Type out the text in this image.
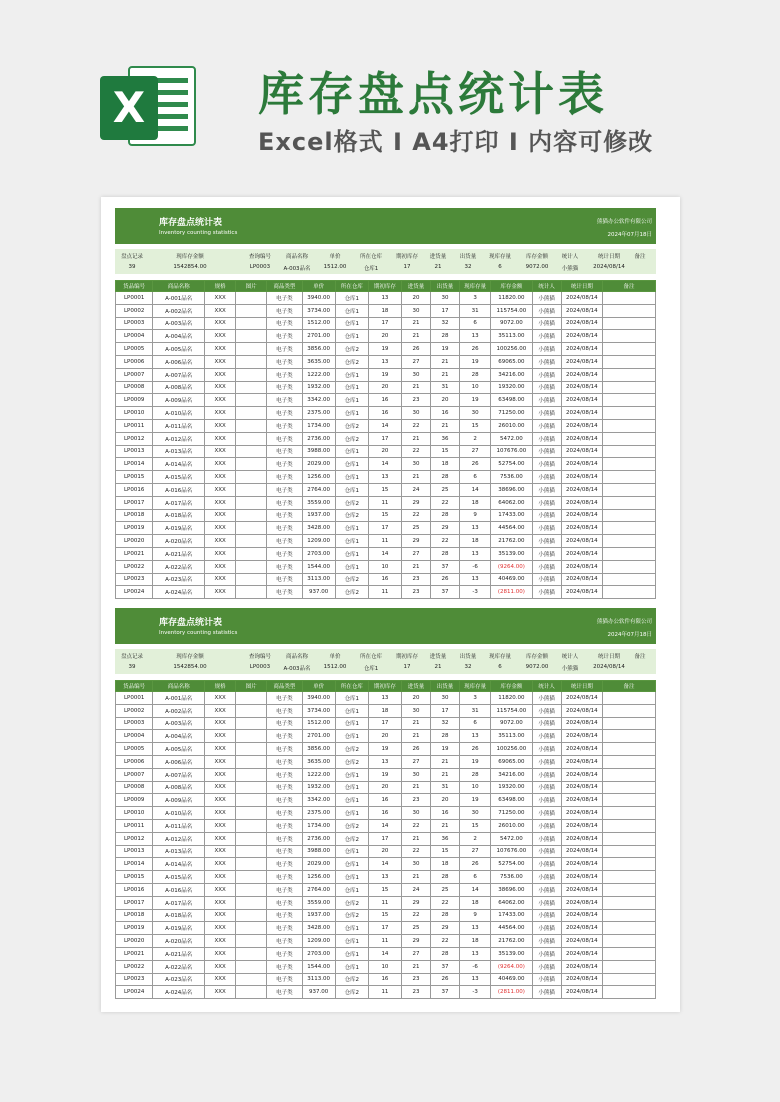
X 库存盘点统计表
Excel格式 I A4打印 I 内容可修改
库存盘点统计表
Inventory counting statistics
熊猫办公软件有限公司
2024年07月18日
盘点记录
39
现库存金额
1542854.00
查询编号
LP0003
商品名称
A-003品名
单价
1512.00
所在仓库
仓库1
期初库存
17
进货量
21
出货量
32
现库存量
6
库存金额
9072.00
统计人
小熊猫
统计日期
2024/08/14
备注
货品编号	商品名称	规格	图片	商品类型	单价	所在仓库	期初库存	进货量	出货量	现库存量	库存金额	统计人	统计日期	备注
LP0001	A-001品名	XXX		电子类	3940.00	仓库1	13	20	30	3	11820.00	小熊猫	2024/08/14	
LP0002	A-002品名	XXX		电子类	3734.00	仓库1	18	30	17	31	115754.00	小熊猫	2024/08/14	
LP0003	A-003品名	XXX		电子类	1512.00	仓库1	17	21	32	6	9072.00	小熊猫	2024/08/14	
LP0004	A-004品名	XXX		电子类	2701.00	仓库1	20	21	28	13	35113.00	小熊猫	2024/08/14	
LP0005	A-005品名	XXX		电子类	3856.00	仓库2	19	26	19	26	100256.00	小熊猫	2024/08/14	
LP0006	A-006品名	XXX		电子类	3635.00	仓库2	13	27	21	19	69065.00	小熊猫	2024/08/14	
LP0007	A-007品名	XXX		电子类	1222.00	仓库1	19	30	21	28	34216.00	小熊猫	2024/08/14	
LP0008	A-008品名	XXX		电子类	1932.00	仓库1	20	21	31	10	19320.00	小熊猫	2024/08/14	
LP0009	A-009品名	XXX		电子类	3342.00	仓库1	16	23	20	19	63498.00	小熊猫	2024/08/14	
LP0010	A-010品名	XXX		电子类	2375.00	仓库1	16	30	16	30	71250.00	小熊猫	2024/08/14	
LP0011	A-011品名	XXX		电子类	1734.00	仓库2	14	22	21	15	26010.00	小熊猫	2024/08/14	
LP0012	A-012品名	XXX		电子类	2736.00	仓库2	17	21	36	2	5472.00	小熊猫	2024/08/14	
LP0013	A-013品名	XXX		电子类	3988.00	仓库1	20	22	15	27	107676.00	小熊猫	2024/08/14	
LP0014	A-014品名	XXX		电子类	2029.00	仓库1	14	30	18	26	52754.00	小熊猫	2024/08/14	
LP0015	A-015品名	XXX		电子类	1256.00	仓库1	13	21	28	6	7536.00	小熊猫	2024/08/14	
LP0016	A-016品名	XXX		电子类	2764.00	仓库1	15	24	25	14	38696.00	小熊猫	2024/08/14	
LP0017	A-017品名	XXX		电子类	3559.00	仓库2	11	29	22	18	64062.00	小熊猫	2024/08/14	
LP0018	A-018品名	XXX		电子类	1937.00	仓库2	15	22	28	9	17433.00	小熊猫	2024/08/14	
LP0019	A-019品名	XXX		电子类	3428.00	仓库1	17	25	29	13	44564.00	小熊猫	2024/08/14	
LP0020	A-020品名	XXX		电子类	1209.00	仓库1	11	29	22	18	21762.00	小熊猫	2024/08/14	
LP0021	A-021品名	XXX		电子类	2703.00	仓库1	14	27	28	13	35139.00	小熊猫	2024/08/14	
LP0022	A-022品名	XXX		电子类	1544.00	仓库1	10	21	37	-6	(9264.00)	小熊猫	2024/08/14	
LP0023	A-023品名	XXX		电子类	3113.00	仓库2	16	23	26	13	40469.00	小熊猫	2024/08/14	
LP0024	A-024品名	XXX		电子类	937.00	仓库2	11	23	37	-3	(2811.00)	小熊猫	2024/08/14	
库存盘点统计表
Inventory counting statistics
熊猫办公软件有限公司
2024年07月18日
盘点记录
39
现库存金额
1542854.00
查询编号
LP0003
商品名称
A-003品名
单价
1512.00
所在仓库
仓库1
期初库存
17
进货量
21
出货量
32
现库存量
6
库存金额
9072.00
统计人
小熊猫
统计日期
2024/08/14
备注
货品编号	商品名称	规格	图片	商品类型	单价	所在仓库	期初库存	进货量	出货量	现库存量	库存金额	统计人	统计日期	备注
LP0001	A-001品名	XXX		电子类	3940.00	仓库1	13	20	30	3	11820.00	小熊猫	2024/08/14	
LP0002	A-002品名	XXX		电子类	3734.00	仓库1	18	30	17	31	115754.00	小熊猫	2024/08/14	
LP0003	A-003品名	XXX		电子类	1512.00	仓库1	17	21	32	6	9072.00	小熊猫	2024/08/14	
LP0004	A-004品名	XXX		电子类	2701.00	仓库1	20	21	28	13	35113.00	小熊猫	2024/08/14	
LP0005	A-005品名	XXX		电子类	3856.00	仓库2	19	26	19	26	100256.00	小熊猫	2024/08/14	
LP0006	A-006品名	XXX		电子类	3635.00	仓库2	13	27	21	19	69065.00	小熊猫	2024/08/14	
LP0007	A-007品名	XXX		电子类	1222.00	仓库1	19	30	21	28	34216.00	小熊猫	2024/08/14	
LP0008	A-008品名	XXX		电子类	1932.00	仓库1	20	21	31	10	19320.00	小熊猫	2024/08/14	
LP0009	A-009品名	XXX		电子类	3342.00	仓库1	16	23	20	19	63498.00	小熊猫	2024/08/14	
LP0010	A-010品名	XXX		电子类	2375.00	仓库1	16	30	16	30	71250.00	小熊猫	2024/08/14	
LP0011	A-011品名	XXX		电子类	1734.00	仓库2	14	22	21	15	26010.00	小熊猫	2024/08/14	
LP0012	A-012品名	XXX		电子类	2736.00	仓库2	17	21	36	2	5472.00	小熊猫	2024/08/14	
LP0013	A-013品名	XXX		电子类	3988.00	仓库1	20	22	15	27	107676.00	小熊猫	2024/08/14	
LP0014	A-014品名	XXX		电子类	2029.00	仓库1	14	30	18	26	52754.00	小熊猫	2024/08/14	
LP0015	A-015品名	XXX		电子类	1256.00	仓库1	13	21	28	6	7536.00	小熊猫	2024/08/14	
LP0016	A-016品名	XXX		电子类	2764.00	仓库1	15	24	25	14	38696.00	小熊猫	2024/08/14	
LP0017	A-017品名	XXX		电子类	3559.00	仓库2	11	29	22	18	64062.00	小熊猫	2024/08/14	
LP0018	A-018品名	XXX		电子类	1937.00	仓库2	15	22	28	9	17433.00	小熊猫	2024/08/14	
LP0019	A-019品名	XXX		电子类	3428.00	仓库1	17	25	29	13	44564.00	小熊猫	2024/08/14	
LP0020	A-020品名	XXX		电子类	1209.00	仓库1	11	29	22	18	21762.00	小熊猫	2024/08/14	
LP0021	A-021品名	XXX		电子类	2703.00	仓库1	14	27	28	13	35139.00	小熊猫	2024/08/14	
LP0022	A-022品名	XXX		电子类	1544.00	仓库1	10	21	37	-6	(9264.00)	小熊猫	2024/08/14	
LP0023	A-023品名	XXX		电子类	3113.00	仓库2	16	23	26	13	40469.00	小熊猫	2024/08/14	
LP0024	A-024品名	XXX		电子类	937.00	仓库2	11	23	37	-3	(2811.00)	小熊猫	2024/08/14	
